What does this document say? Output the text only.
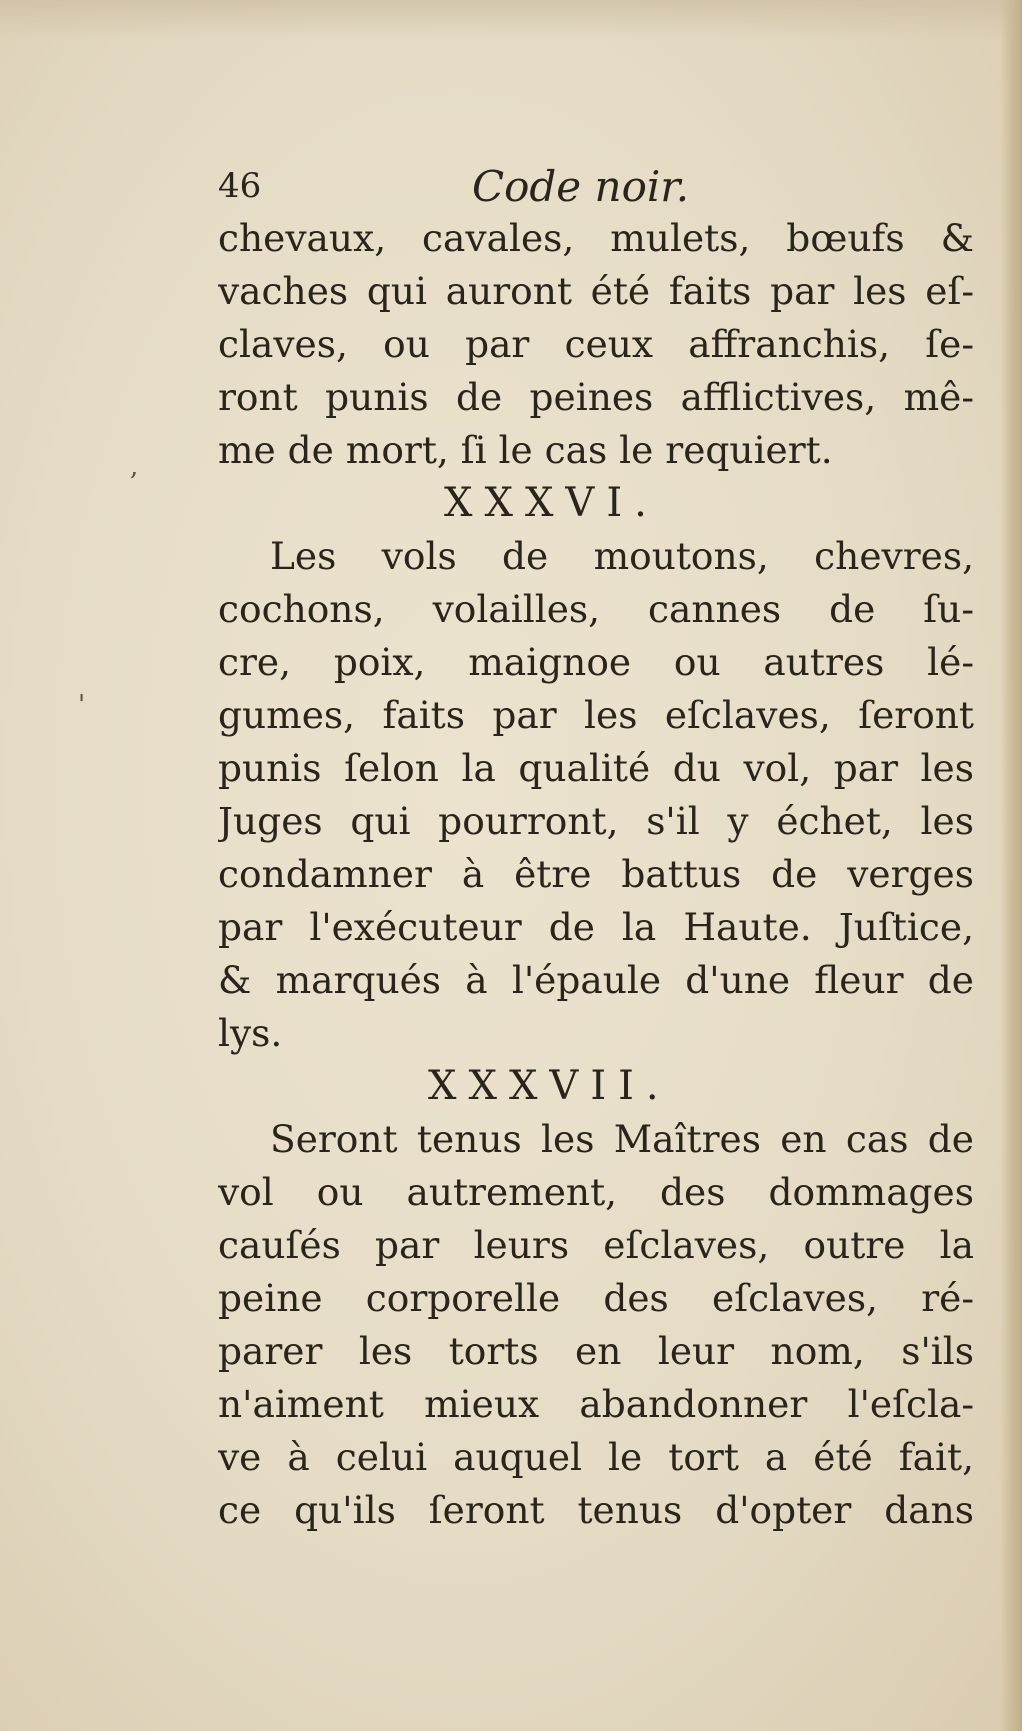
,
'
46	Code noir.
chevaux, cavales, mulets, bœufs &
vaches qui auront été faits par les eſ-
claves, ou par ceux affranchis, ſe-
ront punis de peines afflictives, mê-
me de mort, ſi le cas le requiert.
XXXVI.
Les vols de moutons, chevres,
cochons, volailles, cannes de ſu-
cre, poix, maignoe ou autres lé-
gumes, faits par les eſclaves, ſeront
punis ſelon la qualité du vol, par les
Juges qui pourront, s'il y échet, les
condamner à être battus de verges
par l'exécuteur de la Haute. Juſtice,
& marqués à l'épaule d'une fleur de
lys.
XXXVII.
Seront tenus les Maîtres en cas de
vol ou autrement, des dommages
cauſés par leurs eſclaves, outre la
peine corporelle des eſclaves, ré-
parer les torts en leur nom, s'ils
n'aiment mieux abandonner l'eſcla-
ve à celui auquel le tort a été fait,
ce qu'ils ſeront tenus d'opter dans
